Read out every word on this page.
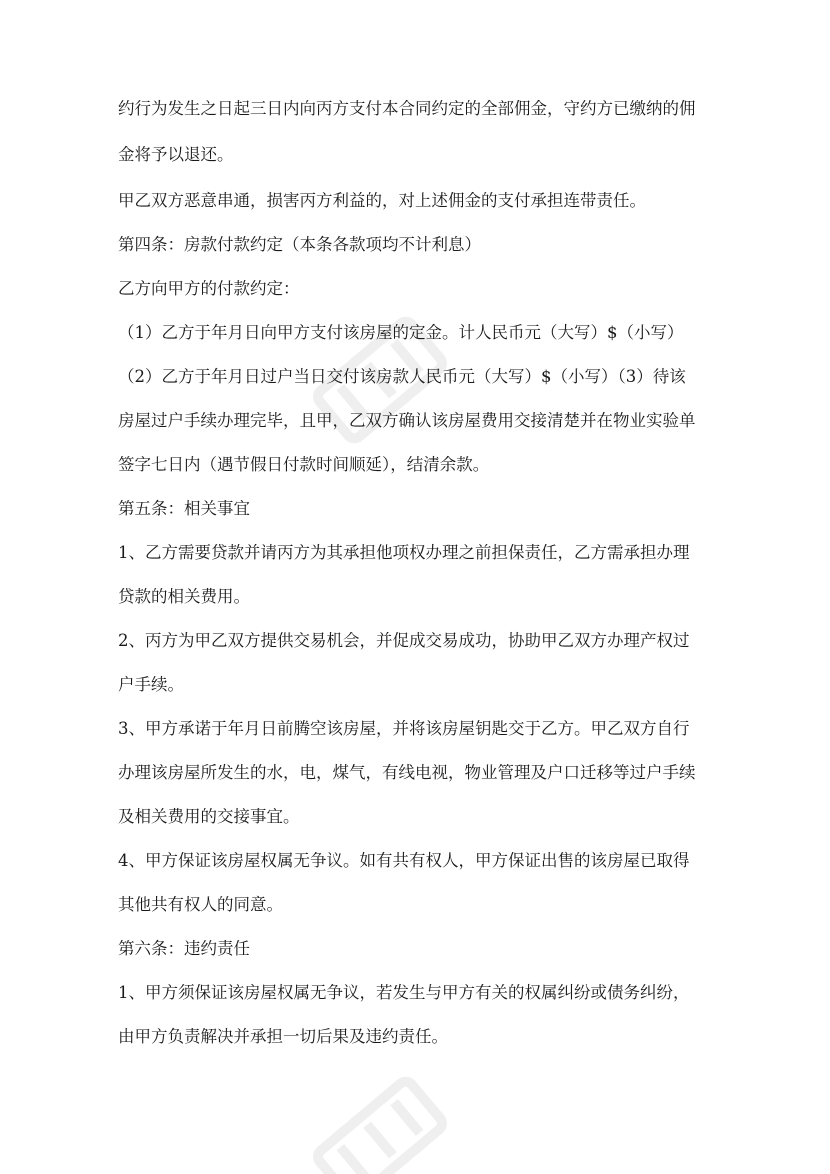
约行为发生之日起三日内向丙方支付本合同约定的全部佣金，守约方已缴纳的佣

金将予以退还。

甲乙双方恶意串通，损害丙方利益的，对上述佣金的支付承担连带责任。

第四条：房款付款约定（本条各款项均不计利息）

乙方向甲方的付款约定：

（1）乙方于年月日向甲方支付该房屋的定金。计人民币元（大写）$（小写）

（2）乙方于年月日过户当日交付该房款人民币元（大写）$（小写）（3）待该

房屋过户手续办理完毕，且甲，乙双方确认该房屋费用交接清楚并在物业实验单

签字七日内（遇节假日付款时间顺延），结清余款。

第五条：相关事宜

1、乙方需要贷款并请丙方为其承担他项权办理之前担保责任，乙方需承担办理

贷款的相关费用。

2、丙方为甲乙双方提供交易机会，并促成交易成功，协助甲乙双方办理产权过

户手续。

3、甲方承诺于年月日前腾空该房屋，并将该房屋钥匙交于乙方。甲乙双方自行

办理该房屋所发生的水，电，煤气，有线电视，物业管理及户口迁移等过户手续

及相关费用的交接事宜。

4、甲方保证该房屋权属无争议。如有共有权人，甲方保证出售的该房屋已取得

其他共有权人的同意。

第六条：违约责任

1、甲方须保证该房屋权属无争议，若发生与甲方有关的权属纠纷或债务纠纷，

由甲方负责解决并承担一切后果及违约责任。
